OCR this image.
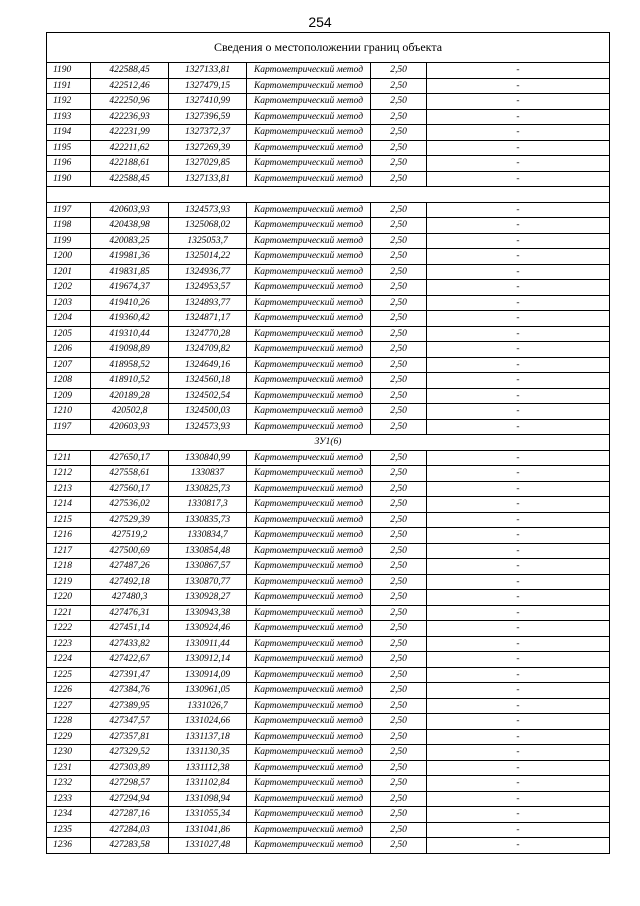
254
Сведения о местоположении границ объекта					
1190	422588,45	1327133,81	Картометрический метод	2,50	-
1191	422512,46	1327479,15	Картометрический метод	2,50	-
1192	422250,96	1327410,99	Картометрический метод	2,50	-
1193	422236,93	1327396,59	Картометрический метод	2,50	-
1194	422231,99	1327372,37	Картометрический метод	2,50	-
1195	422211,62	1327269,39	Картометрический метод	2,50	-
1196	422188,61	1327029,85	Картометрический метод	2,50	-
1190	422588,45	1327133,81	Картометрический метод	2,50	-

1197	420603,93	1324573,93	Картометрический метод	2,50	-
1198	420438,98	1325068,02	Картометрический метод	2,50	-
1199	420083,25	1325053,7	Картометрический метод	2,50	-
1200	419981,36	1325014,22	Картометрический метод	2,50	-
1201	419831,85	1324936,77	Картометрический метод	2,50	-
1202	419674,37	1324953,57	Картометрический метод	2,50	-
1203	419410,26	1324893,77	Картометрический метод	2,50	-
1204	419360,42	1324871,17	Картометрический метод	2,50	-
1205	419310,44	1324770,28	Картометрический метод	2,50	-
1206	419098,89	1324709,82	Картометрический метод	2,50	-
1207	418958,52	1324649,16	Картометрический метод	2,50	-
1208	418910,52	1324560,18	Картометрический метод	2,50	-
1209	420189,28	1324502,54	Картометрический метод	2,50	-
1210	420502,8	1324500,03	Картометрический метод	2,50	-
1197	420603,93	1324573,93	Картометрический метод	2,50	-
ЗУ1(6)					
1211	427650,17	1330840,99	Картометрический метод	2,50	-
1212	427558,61	1330837	Картометрический метод	2,50	-
1213	427560,17	1330825,73	Картометрический метод	2,50	-
1214	427536,02	1330817,3	Картометрический метод	2,50	-
1215	427529,39	1330835,73	Картометрический метод	2,50	-
1216	427519,2	1330834,7	Картометрический метод	2,50	-
1217	427500,69	1330854,48	Картометрический метод	2,50	-
1218	427487,26	1330867,57	Картометрический метод	2,50	-
1219	427492,18	1330870,77	Картометрический метод	2,50	-
1220	427480,3	1330928,27	Картометрический метод	2,50	-
1221	427476,31	1330943,38	Картометрический метод	2,50	-
1222	427451,14	1330924,46	Картометрический метод	2,50	-
1223	427433,82	1330911,44	Картометрический метод	2,50	-
1224	427422,67	1330912,14	Картометрический метод	2,50	-
1225	427391,47	1330914,09	Картометрический метод	2,50	-
1226	427384,76	1330961,05	Картометрический метод	2,50	-
1227	427389,95	1331026,7	Картометрический метод	2,50	-
1228	427347,57	1331024,66	Картометрический метод	2,50	-
1229	427357,81	1331137,18	Картометрический метод	2,50	-
1230	427329,52	1331130,35	Картометрический метод	2,50	-
1231	427303,89	1331112,38	Картометрический метод	2,50	-
1232	427298,57	1331102,84	Картометрический метод	2,50	-
1233	427294,94	1331098,94	Картометрический метод	2,50	-
1234	427287,16	1331055,34	Картометрический метод	2,50	-
1235	427284,03	1331041,86	Картометрический метод	2,50	-
1236	427283,58	1331027,48	Картометрический метод	2,50	-
